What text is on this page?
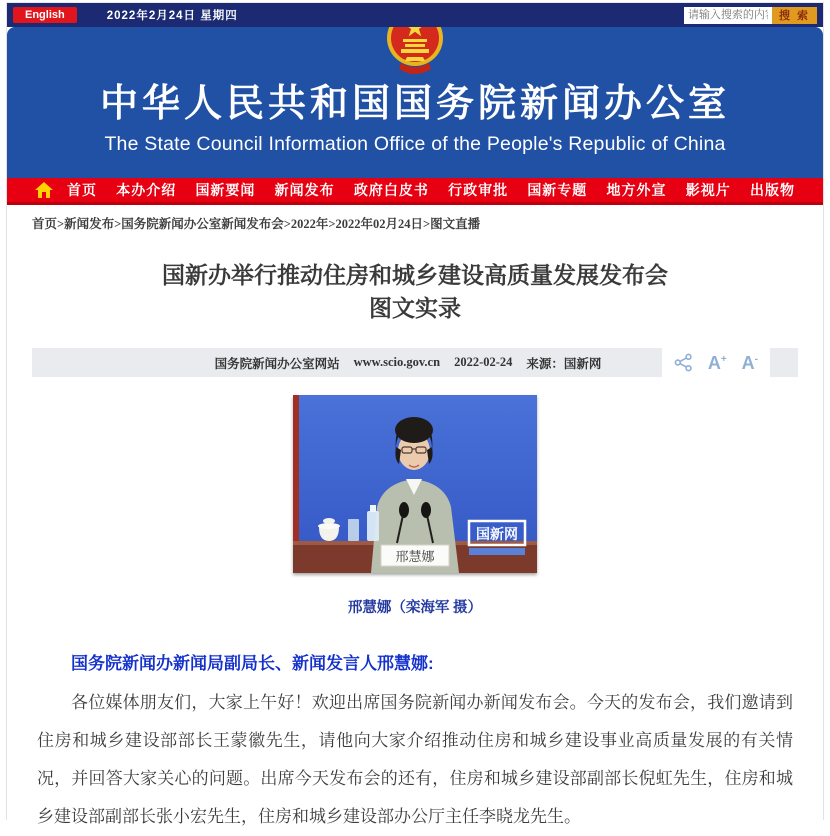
English	2022年2月24日 星期四
请输入搜索的内容	搜 索
中华人民共和国国务院新闻办公室
The State Council Information Office of the People's Republic of China
首页 本办介绍 国新要闻 新闻发布 政府白皮书 行政审批 国新专题 地方外宣 影视片 出版物
首页>新闻发布>国务院新闻办公室新闻发布会>2022年>2022年02月24日>图文直播
国新办举行推动住房和城乡建设高质量发展发布会
图文实录
国务院新闻办公室网站 www.scio.gov.cn 2022-02-24 来源：国新网	A+ A-
邢慧娜
国新网
邢慧娜（栾海军 摄）
国务院新闻办新闻局副局长、新闻发言人邢慧娜:
各位媒体朋友们，大家上午好！欢迎出席国务院新闻办新闻发布会。今天的发布会，我们邀请到住房和城乡建设部部长王蒙徽先生，请他向大家介绍推动住房和城乡建设事业高质量发展的有关情况，并回答大家关心的问题。出席今天发布会的还有，住房和城乡建设部副部长倪虹先生，住房和城乡建设部副部长张小宏先生，住房和城乡建设部办公厅主任李晓龙先生。
